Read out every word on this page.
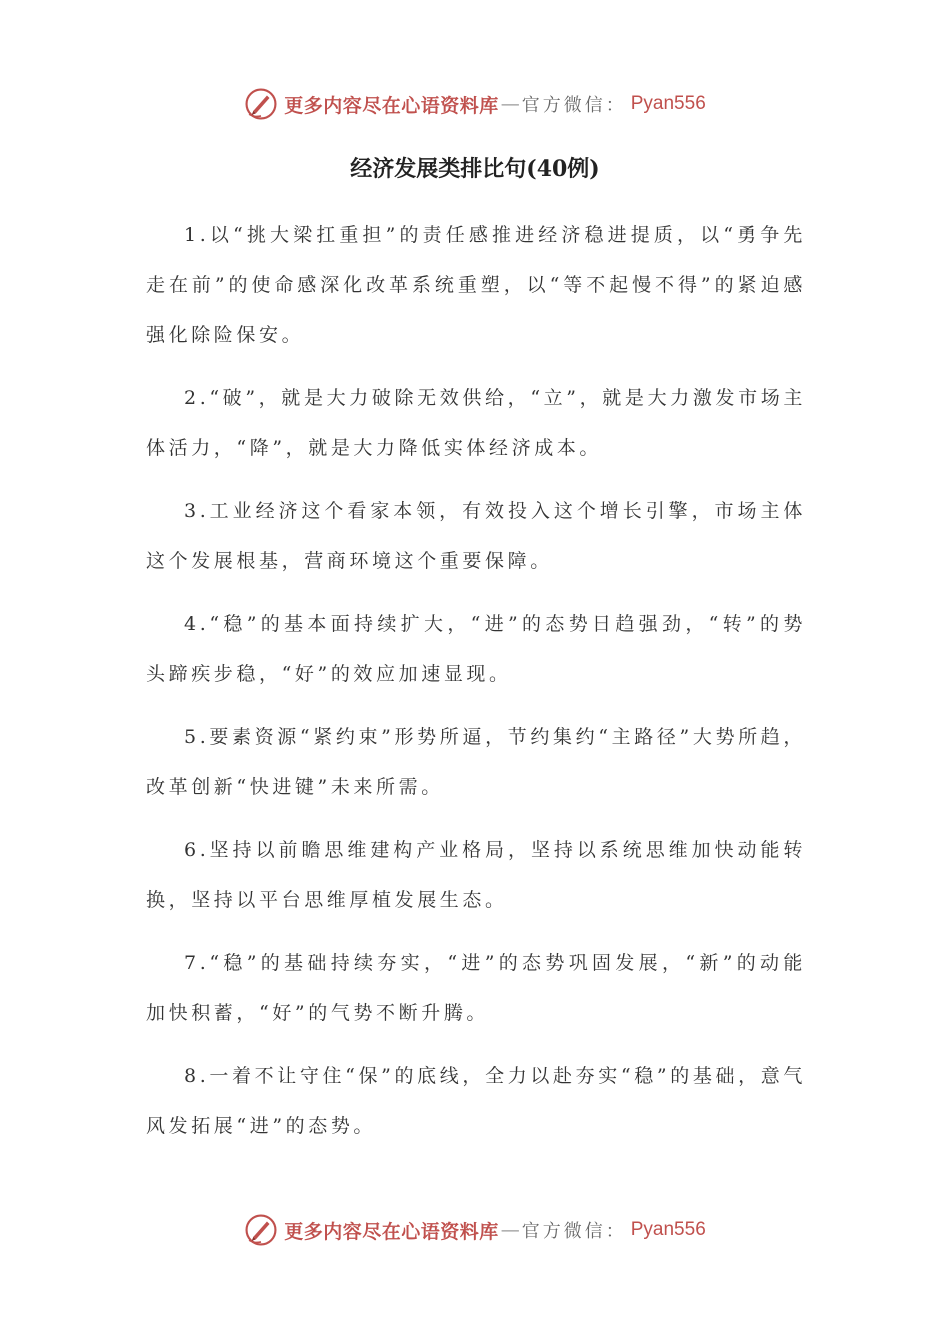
更多内容尽在心语资料库 — 官方微信： Pyan556
经济发展类排比句(40例)

1.以“挑大梁扛重担”的责任感推进经济稳进提质，以“勇争先走在前”的使命感深化改革系统重塑，以“等不起慢不得”的紧迫感强化除险保安。

2.“破”，就是大力破除无效供给，“立”，就是大力激发市场主体活力，“降”，就是大力降低实体经济成本。

3.工业经济这个看家本领，有效投入这个增长引擎，市场主体这个发展根基，营商环境这个重要保障。

4.“稳”的基本面持续扩大，“进”的态势日趋强劲，“转”的势头蹄疾步稳，“好”的效应加速显现。

5.要素资源“紧约束”形势所逼，节约集约“主路径”大势所趋，改革创新“快进键”未来所需。

6.坚持以前瞻思维建构产业格局，坚持以系统思维加快动能转换，坚持以平台思维厚植发展生态。

7.“稳”的基础持续夯实，“进”的态势巩固发展，“新”的动能加快积蓄，“好”的气势不断升腾。

8.一着不让守住“保”的底线，全力以赴夯实“稳”的基础，意气风发拓展“进”的态势。

更多内容尽在心语资料库 — 官方微信： Pyan556
